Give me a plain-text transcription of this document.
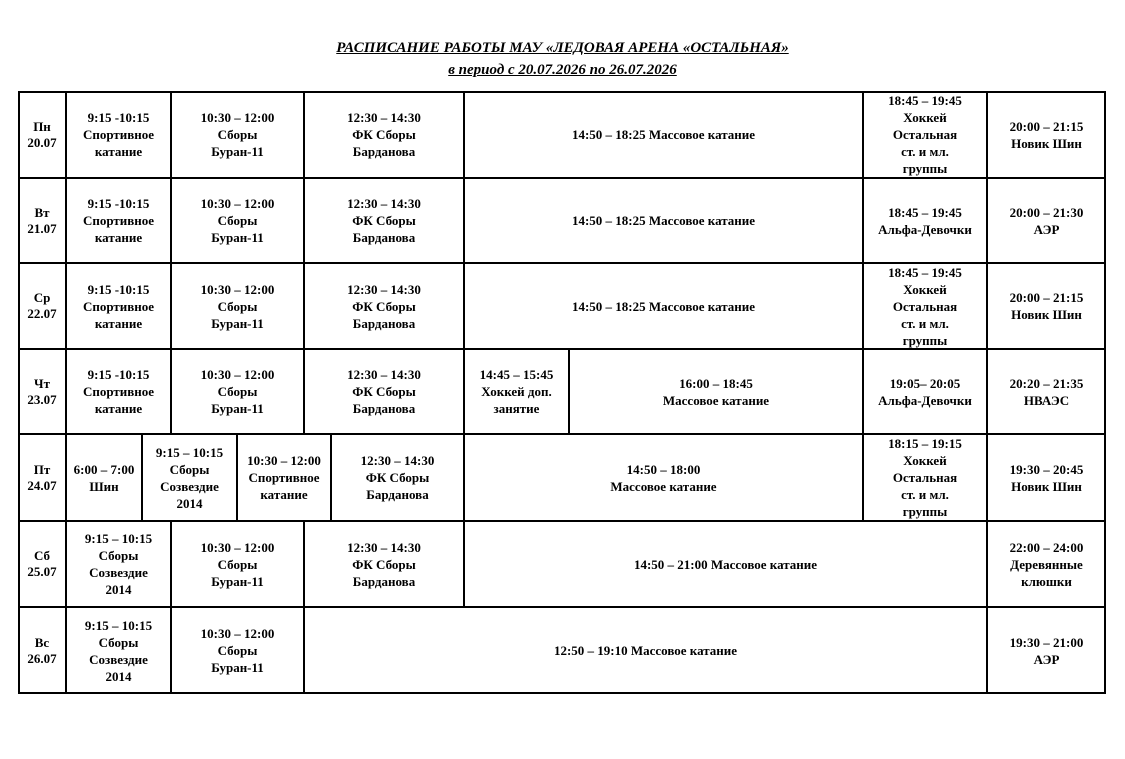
РАСПИСАНИЕ РАБОТЫ МАУ «ЛЕДОВАЯ АРЕНА «ОСТАЛЬНАЯ»
в период с 20.07.2026 по 26.07.2026
Пн
20.07
9:15 -10:15
Спортивное
катание
10:30 – 12:00
Сборы
Буран-11
12:30 – 14:30
ФК Сборы
Барданова
14:50 – 18:25 Массовое катание
18:45 – 19:45
Хоккей
Остальная
ст. и мл.
группы
20:00 – 21:15
Новик Шин
Вт
21.07
9:15 -10:15
Спортивное
катание
10:30 – 12:00
Сборы
Буран-11
12:30 – 14:30
ФК Сборы
Барданова
14:50 – 18:25 Массовое катание
18:45 – 19:45
Альфа-Девочки
20:00 – 21:30
АЭР
Ср
22.07
9:15 -10:15
Спортивное
катание
10:30 – 12:00
Сборы
Буран-11
12:30 – 14:30
ФК Сборы
Барданова
14:50 – 18:25 Массовое катание
18:45 – 19:45
Хоккей
Остальная
ст. и мл.
группы
20:00 – 21:15
Новик Шин
Чт
23.07
9:15 -10:15
Спортивное
катание
10:30 – 12:00
Сборы
Буран-11
12:30 – 14:30
ФК Сборы
Барданова
14:45 – 15:45
Хоккей доп.
занятие
16:00 – 18:45
Массовое катание
19:05– 20:05
Альфа-Девочки
20:20 – 21:35
НВАЭС
Пт
24.07
6:00 – 7:00
Шин
9:15 – 10:15
Сборы
Созвездие
2014
10:30 – 12:00
Спортивное
катание
12:30 – 14:30
ФК Сборы
Барданова
14:50 – 18:00
Массовое катание
18:15 – 19:15
Хоккей
Остальная
ст. и мл.
группы
19:30 – 20:45
Новик Шин
Сб
25.07
9:15 – 10:15
Сборы
Созвездие
2014
10:30 – 12:00
Сборы
Буран-11
12:30 – 14:30
ФК Сборы
Барданова
14:50 – 21:00 Массовое катание
22:00 – 24:00
Деревянные
клюшки
Вс
26.07
9:15 – 10:15
Сборы
Созвездие
2014
10:30 – 12:00
Сборы
Буран-11
12:50 – 19:10 Массовое катание
19:30 – 21:00
АЭР
